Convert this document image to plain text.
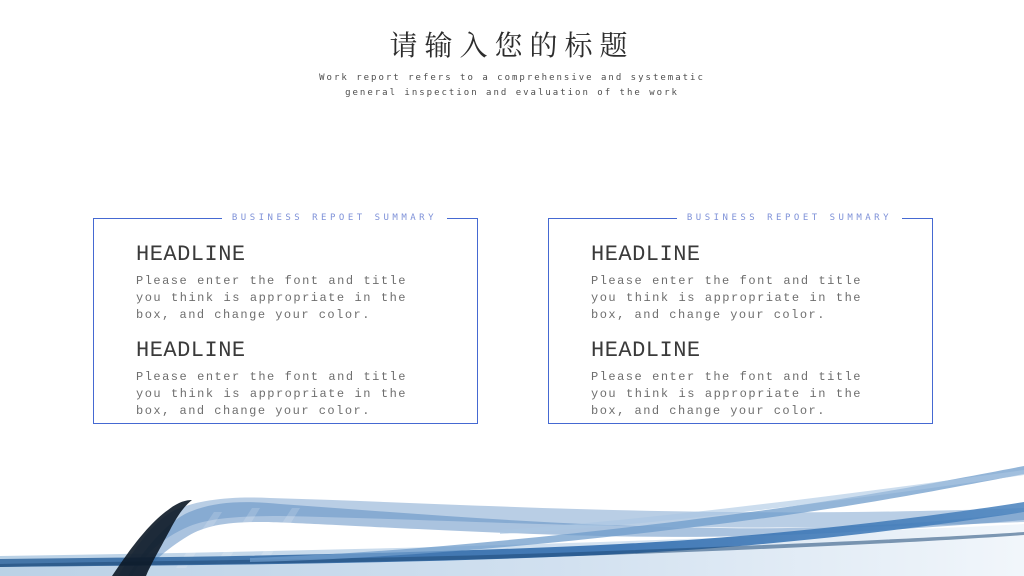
请输入您的标题
Work report refers to a comprehensive and systematic
general inspection and evaluation of the work
BUSINESS REPOET SUMMARY
HEADLINE
Please enter the font and title you think is appropriate in the box, and change your color.
HEADLINE
Please enter the font and title you think is appropriate in the box, and change your color.
BUSINESS REPOET SUMMARY
HEADLINE
Please enter the font and title you think is appropriate in the box, and change your color.
HEADLINE
Please enter the font and title you think is appropriate in the box, and change your color.
